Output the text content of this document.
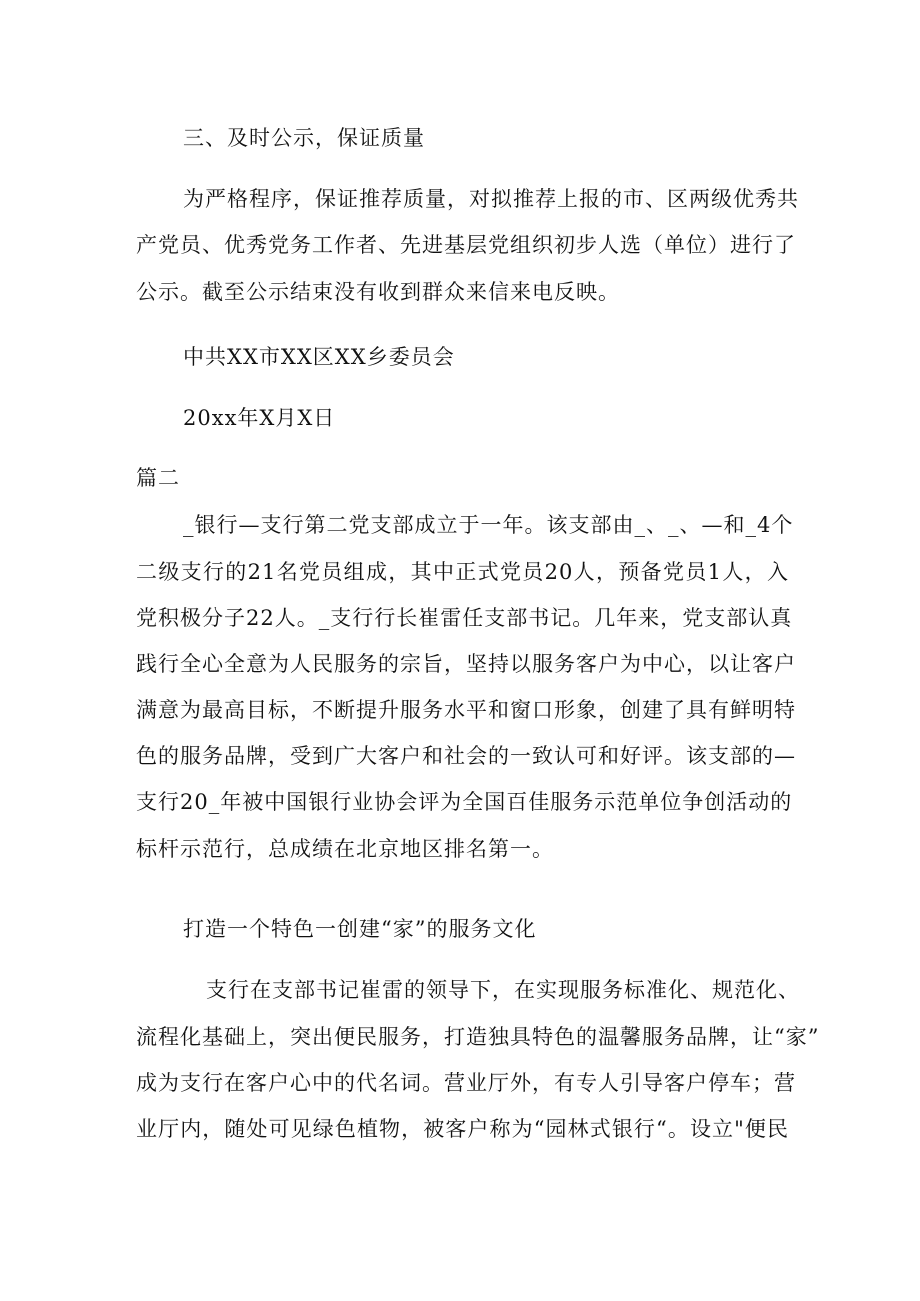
三、及时公示，保证质量
为严格程序，保证推荐质量，对拟推荐上报的市、区两级优秀共
产党员、优秀党务工作者、先进基层党组织初步人选（单位）进行了
公示。截至公示结束没有收到群众来信来电反映。
中共XX市XX区XX乡委员会
20xx年X月X日
篇二
_银行—支行第二党支部成立于一年。该支部由_、_、—和_4个
二级支行的21名党员组成，其中正式党员20人，预备党员1人，入
党积极分子22人。_支行行长崔雷任支部书记。几年来，党支部认真
践行全心全意为人民服务的宗旨，坚持以服务客户为中心，以让客户
满意为最高目标，不断提升服务水平和窗口形象，创建了具有鲜明特
色的服务品牌，受到广大客户和社会的一致认可和好评。该支部的—
支行20_年被中国银行业协会评为全国百佳服务示范单位争创活动的
标杆示范行，总成绩在北京地区排名第一。
打造一个特色一创建“家”的服务文化
支行在支部书记崔雷的领导下，在实现服务标准化、规范化、
流程化基础上，突出便民服务，打造独具特色的温馨服务品牌，让“家”
成为支行在客户心中的代名词。营业厅外，有专人引导客户停车；营
业厅内，随处可见绿色植物，被客户称为“园林式银行“。设立"便民
